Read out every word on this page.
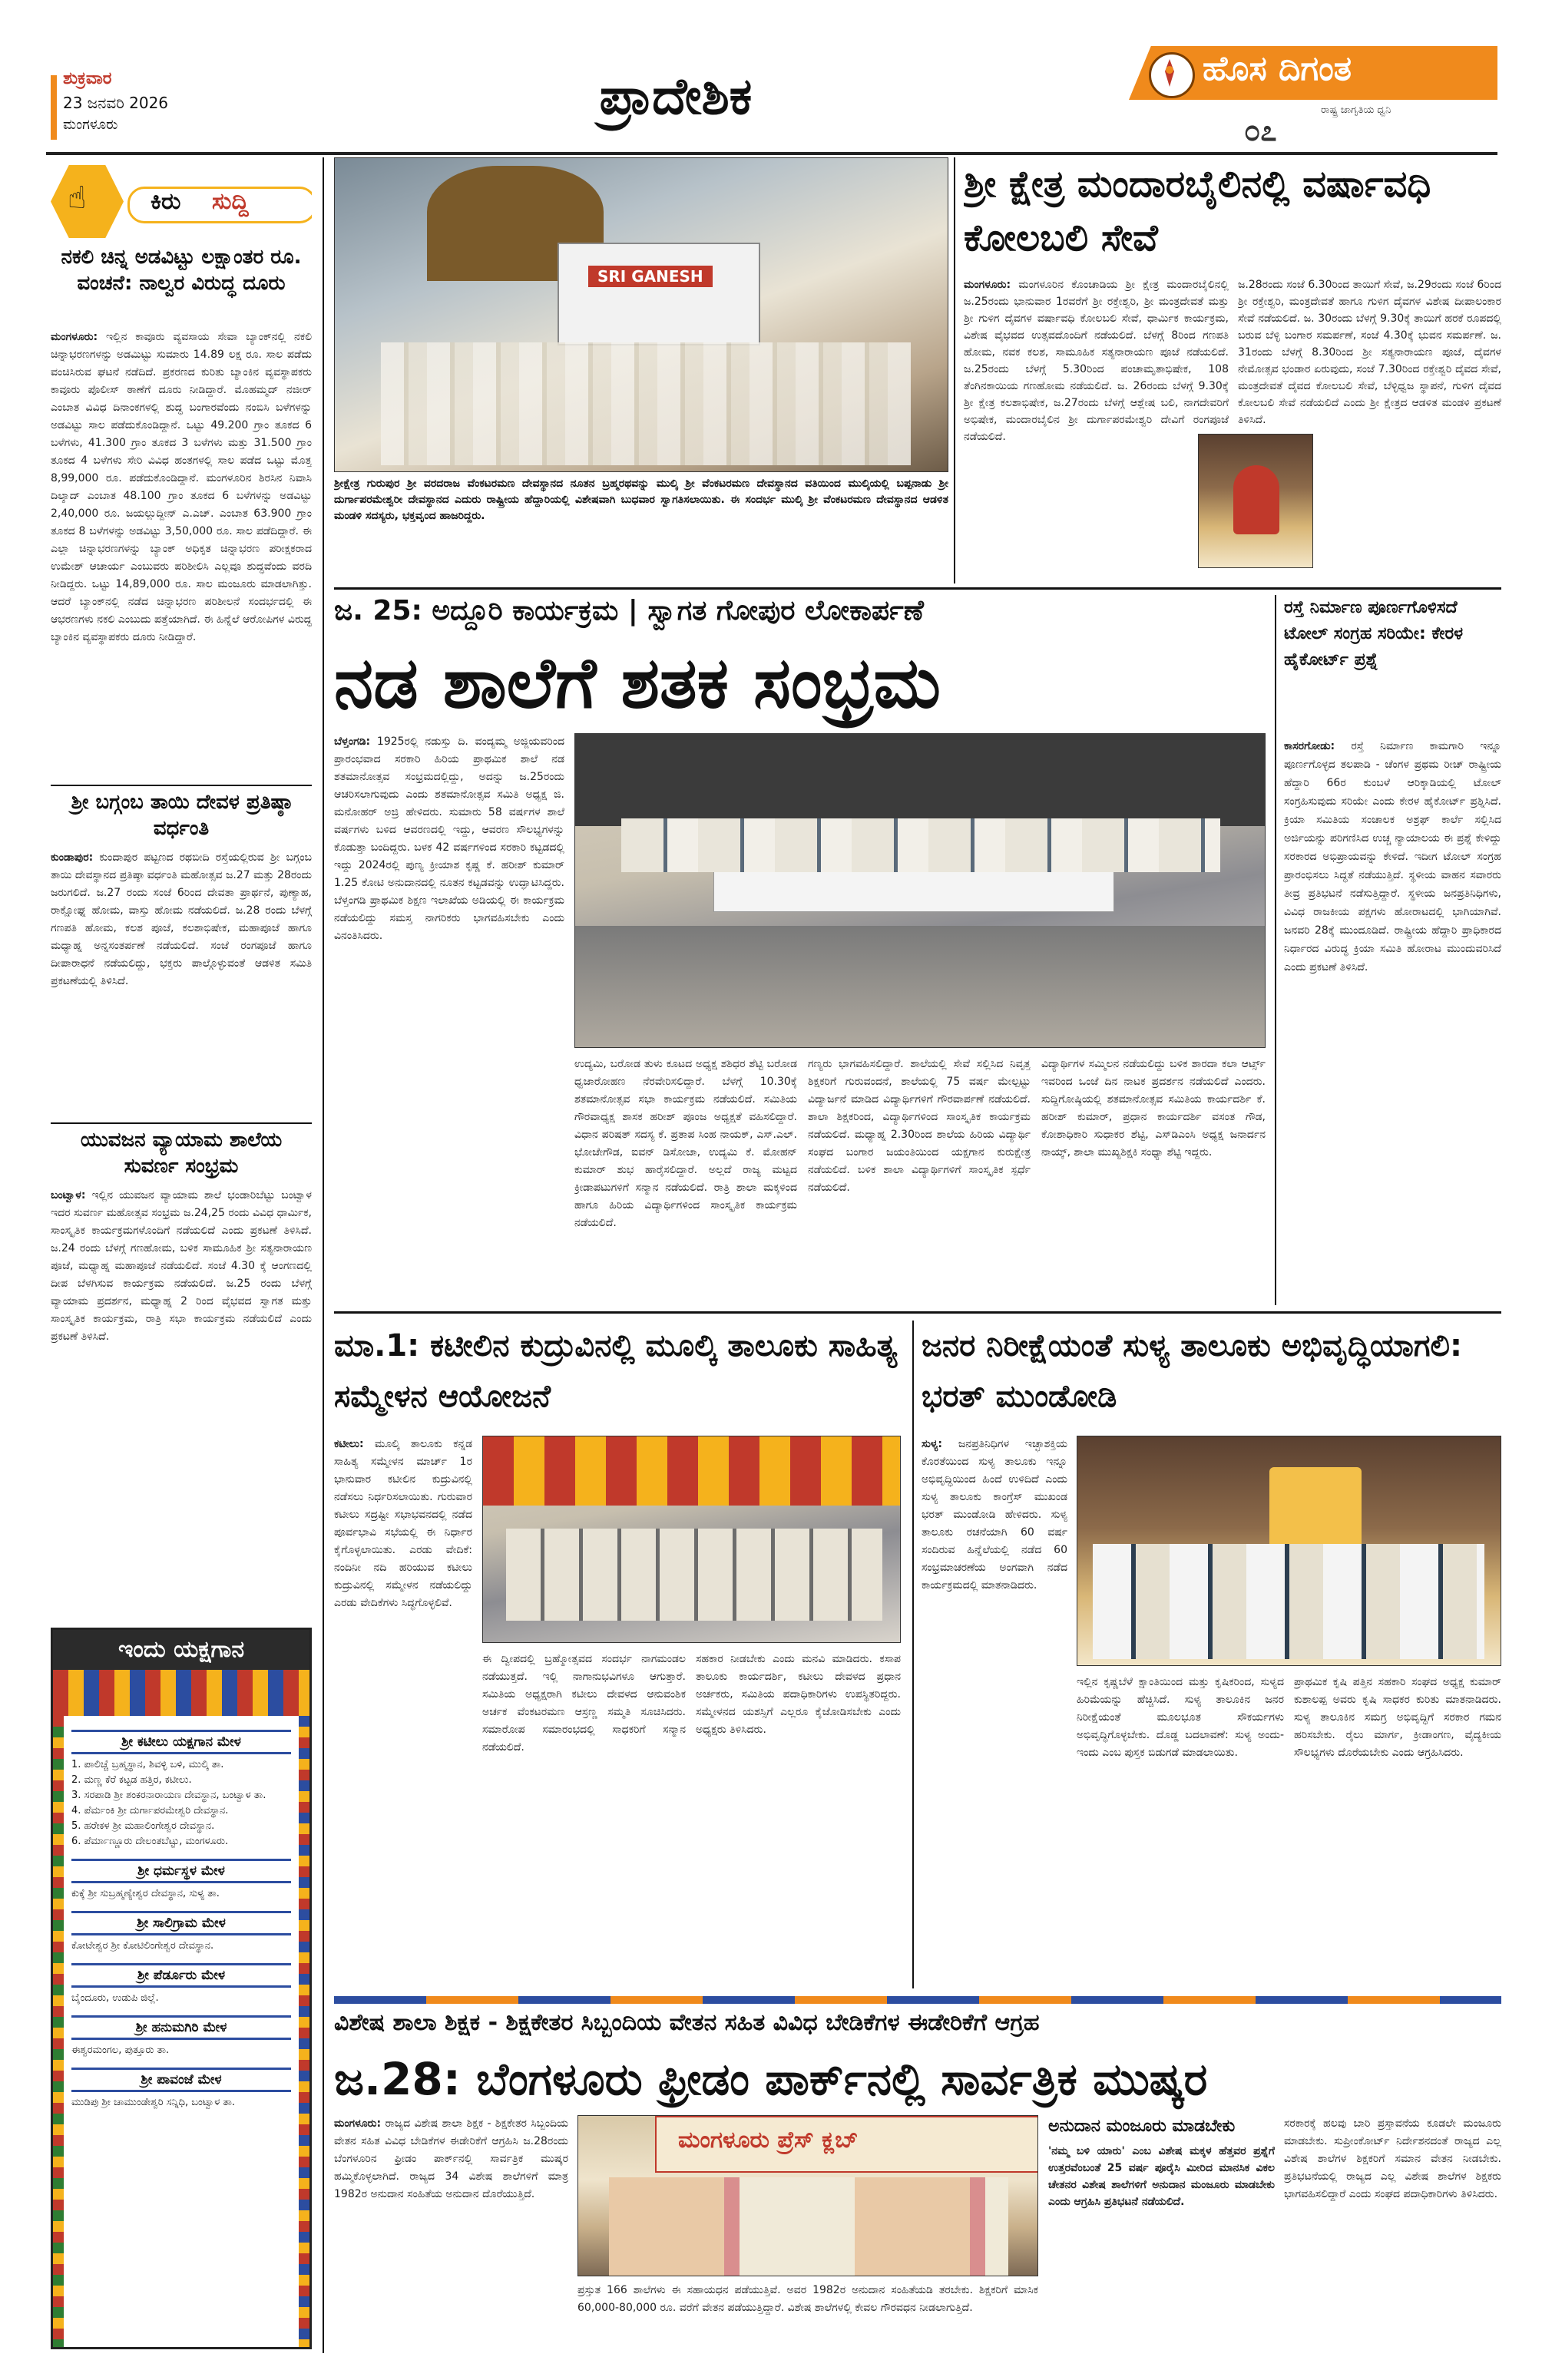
ಶುಕ್ರವಾರ
23 ಜನವರಿ 2026
ಮಂಗಳೂರು	ಪ್ರಾದೇಶಿಕ	ಹೊಸ ದಿಗಂತ
ರಾಷ್ಟ್ರ ಜಾಗೃತಿಯ ಧ್ವನಿ
೦೭
☝	ಕಿರು ಸುದ್ದಿ
ನಕಲಿ ಚಿನ್ನ ಅಡವಿಟ್ಟು ಲಕ್ಷಾಂತರ ರೂ. ವಂಚನೆ: ನಾಲ್ವರ ವಿರುದ್ಧ ದೂರು
ಮಂಗಳೂರು: ಇಲ್ಲಿನ ಕಾವೂರು ವ್ಯವಸಾಯ ಸೇವಾ ಬ್ಯಾಂಕ್‌ನಲ್ಲಿ ನಕಲಿ ಚಿನ್ನಾಭರಣಗಳನ್ನು ಅಡಮಿಟ್ಟು ಸುಮಾರು 14.89 ಲಕ್ಷ ರೂ. ಸಾಲ ಪಡೆದು ವಂಚಿಸಿರುವ ಘಟನೆ ನಡೆದಿದೆ. ಪ್ರಕರಣದ ಕುರಿತು ಬ್ಯಾಂಕಿನ ವ್ಯವಸ್ಥಾಪಕರು ಕಾವೂರು ಪೊಲೀಸ್ ಠಾಣೆಗೆ ದೂರು ನೀಡಿದ್ದಾರೆ. ಮೊಹಮ್ಮದ್ ನಜೀರ್ ಎಂಬಾತ ವಿವಿಧ ದಿನಾಂಕಗಳಲ್ಲಿ ಶುದ್ಧ ಬಂಗಾರವೆಂದು ನಂಬಿಸಿ ಬಳೆಗಳನ್ನು ಅಡವಿಟ್ಟು ಸಾಲ ಪಡೆದುಕೊಂಡಿದ್ದಾನೆ. ಒಟ್ಟು 49.200 ಗ್ರಾಂ ತೂಕದ 6 ಬಳೆಗಳು, 41.300 ಗ್ರಾಂ ತೂಕದ 3 ಬಳೆಗಳು ಮತ್ತು 31.500 ಗ್ರಾಂ ತೂಕದ 4 ಬಳೆಗಳು ಸೇರಿ ವಿವಿಧ ಹಂತಗಳಲ್ಲಿ ಸಾಲ ಪಡೆದ ಒಟ್ಟು ಮೊತ್ತ 8,99,000 ರೂ. ಪಡೆದುಕೊಂಡಿದ್ದಾನೆ. ಮಂಗಳೂರಿನ ಶಿರಸಿನ ನಿವಾಸಿ ದಿಲ್ಶಾದ್ ಎಂಬಾತ 48.100 ಗ್ರಾಂ ತೂಕದ 6 ಬಳೆಗಳನ್ನು ಅಡವಿಟ್ಟು 2,40,000 ರೂ. ಜಯಲ್ಲುದ್ದೀನ್ ಎ.ಎಚ್. ಎಂಬಾತ 63.900 ಗ್ರಾಂ ತೂಕದ 8 ಬಳೆಗಳನ್ನು ಅಡವಿಟ್ಟು 3,50,000 ರೂ. ಸಾಲ ಪಡೆದಿದ್ದಾರೆ. ಈ ಎಲ್ಲಾ ಚಿನ್ನಾಭರಣಗಳನ್ನು ಬ್ಯಾಂಕ್ ಅಧಿಕೃತ ಚಿನ್ನಾಭರಣ ಪರೀಕ್ಷಕರಾದ ಉಮೇಶ್ ಆಚಾರ್ಯ ಎಂಬುವರು ಪರಿಶೀಲಿಸಿ ಎಲ್ಲವೂ ಶುದ್ಧವೆಂದು ವರದಿ ನೀಡಿದ್ದರು. ಒಟ್ಟು 14,89,000 ರೂ. ಸಾಲ ಮಂಜೂರು ಮಾಡಲಾಗಿತ್ತು. ಆದರೆ ಬ್ಯಾಂಕ್‌ನಲ್ಲಿ ನಡೆದ ಚಿನ್ನಾಭರಣ ಪರಿಶೀಲನೆ ಸಂದರ್ಭದಲ್ಲಿ ಈ ಆಭರಣಗಳು ನಕಲಿ ಎಂಬುದು ಪತ್ತೆಯಾಗಿದೆ. ಈ ಹಿನ್ನೆಲೆ ಆರೋಪಿಗಳ ವಿರುದ್ಧ ಬ್ಯಾಂಕಿನ ವ್ಯವಸ್ಥಾಪಕರು ದೂರು ನೀಡಿದ್ದಾರೆ.
ಶ್ರೀ ಬಗ್ಗಂಬ ತಾಯಿ ದೇವಳ ಪ್ರತಿಷ್ಠಾ ವರ್ಧಂತಿ
ಕುಂಡಾಪುರ: ಕುಂದಾಪುರ ಪಟ್ಟಣದ ರಥಬೀದಿ ರಸ್ತೆಯಲ್ಲಿರುವ ಶ್ರೀ ಬಗ್ಗಂಬ ತಾಯಿ ದೇವಸ್ಥಾನದ ಪ್ರತಿಷ್ಠಾ ವರ್ಧಂತಿ ಮಹೋತ್ಸವ ಜ.27 ಮತ್ತು 28ರಂದು ಜರುಗಲಿದೆ. ಜ.27 ರಂದು ಸಂಜೆ 6ರಿಂದ ದೇವತಾ ಪ್ರಾರ್ಥನೆ, ಪುಣ್ಯಾಹ, ರಾಕ್ಷೋಘ್ನ ಹೋಮ, ವಾಸ್ತು ಹೋಮ ನಡೆಯಲಿದೆ. ಜ.28 ರಂದು ಬೆಳಗ್ಗೆ ಗಣಪತಿ ಹೋಮ, ಕಲಶ ಪೂಜೆ, ಕಲಶಾಭಿಷೇಕ, ಮಹಾಪೂಜೆ ಹಾಗೂ ಮಧ್ಯಾಹ್ನ ಅನ್ನಸಂತರ್ಪಣೆ ನಡೆಯಲಿದೆ. ಸಂಜೆ ರಂಗಪೂಜೆ ಹಾಗೂ ದೀಪಾರಾಧನೆ ನಡೆಯಲಿದ್ದು, ಭಕ್ತರು ಪಾಲ್ಗೊಳ್ಳುವಂತೆ ಆಡಳಿತ ಸಮಿತಿ ಪ್ರಕಟಣೆಯಲ್ಲಿ ತಿಳಿಸಿದೆ.
ಯುವಜನ ವ್ಯಾಯಾಮ ಶಾಲೆಯ ಸುವರ್ಣ ಸಂಭ್ರಮ
ಬಂಟ್ವಾಳ: ಇಲ್ಲಿನ ಯುವಜನ ವ್ಯಾಯಾಮ ಶಾಲೆ ಭಂಡಾರಿಬೆಟ್ಟು ಬಂಟ್ವಾಳ ಇದರ ಸುವರ್ಣ ಮಹೋತ್ಸವ ಸಂಭ್ರಮ ಜ.24,25 ರಂದು ವಿವಿಧ ಧಾರ್ಮಿಕ, ಸಾಂಸ್ಕೃತಿಕ ಕಾರ್ಯಕ್ರಮಗಳೊಂದಿಗೆ ನಡೆಯಲಿದೆ ಎಂದು ಪ್ರಕಟಣೆ ತಿಳಿಸಿದೆ. ಜ.24 ರಂದು ಬೆಳಗ್ಗೆ ಗಣಹೋಮ, ಬಳಿಕ ಸಾಮೂಹಿಕ ಶ್ರೀ ಸತ್ಯನಾರಾಯಣ ಪೂಜೆ, ಮಧ್ಯಾಹ್ನ ಮಹಾಪೂಜೆ ನಡೆಯಲಿದೆ. ಸಂಜೆ 4.30 ಕ್ಕೆ ಆಂಗಣದಲ್ಲಿ ದೀಪ ಬೆಳಗಿಸುವ ಕಾರ್ಯಕ್ರಮ ನಡೆಯಲಿದೆ. ಜ.25 ರಂದು ಬೆಳಗ್ಗೆ ವ್ಯಾಯಾಮ ಪ್ರದರ್ಶನ, ಮಧ್ಯಾಹ್ನ 2 ರಿಂದ ವೈಭವದ ಸ್ವಾಗತ ಮತ್ತು ಸಾಂಸ್ಕೃತಿಕ ಕಾರ್ಯಕ್ರಮ, ರಾತ್ರಿ ಸಭಾ ಕಾರ್ಯಕ್ರಮ ನಡೆಯಲಿದೆ ಎಂದು ಪ್ರಕಟಣೆ ತಿಳಿಸಿದೆ.
ಇಂದು ಯಕ್ಷಗಾನ
ಶ್ರೀ ಕಟೀಲು ಯಕ್ಷಗಾನ ಮೇಳ
1. ಪಾಲಿಚ್ಚೆ ಬ್ರಹ್ಮಸ್ಥಾನ, ಶಿವಳ್ಳಿ ಬಳಿ, ಮುಲ್ಕಿ ತಾ.
2. ಮಣ್ಣ ಕೆರೆ ಕಟ್ಟಡ ಹತ್ತಿರ, ಕಟೀಲು.
3. ಸರಪಾಡಿ ಶ್ರೀ ಶಂಕರನಾರಾಯಣ ದೇವಸ್ಥಾನ, ಬಂಟ್ವಾಳ ತಾ.
4. ಪೆರ್ಮಂಕಿ ಶ್ರೀ ದುರ್ಗಾಪರಮೇಶ್ವರಿ ದೇವಸ್ಥಾನ.
5. ಹರೇಕಳ ಶ್ರೀ ಮಹಾಲಿಂಗೇಶ್ವರ ದೇವಸ್ಥಾನ.
6. ಪೆರ್ಮಾಣ್ಣೂರು ದೇಲಂತಬೆಟ್ಟು, ಮಂಗಳೂರು.
ಶ್ರೀ ಧರ್ಮಸ್ಥಳ ಮೇಳ
ಕುಕ್ಕೆ ಶ್ರೀ ಸುಬ್ರಹ್ಮಣ್ಯೇಶ್ವರ ದೇವಸ್ಥಾನ, ಸುಳ್ಯ ತಾ.
ಶ್ರೀ ಸಾಲಿಗ್ರಾಮ ಮೇಳ
ಕೋಟೇಶ್ವರ ಶ್ರೀ ಕೋಟಿಲಿಂಗೇಶ್ವರ ದೇವಸ್ಥಾನ.
ಶ್ರೀ ಪೆರ್ಡೂರು ಮೇಳ
ಬೈಂದೂರು, ಉಡುಪಿ ಜಿಲ್ಲೆ.
ಶ್ರೀ ಹನುಮಗಿರಿ ಮೇಳ
ಈಶ್ವರಮಂಗಲ, ಪುತ್ತೂರು ತಾ.
ಶ್ರೀ ಪಾವಂಜೆ ಮೇಳ
ಮುಡಿಪು ಶ್ರೀ ಚಾಮುಂಡೇಶ್ವರಿ ಸನ್ನಿಧಿ, ಬಂಟ್ವಾಳ ತಾ.
SRI GANESH
ಶ್ರೀಕ್ಷೇತ್ರ ಗುರುಪುರ ಶ್ರೀ ವರದರಾಜ ವೆಂಕಟರಮಣ ದೇವಸ್ಥಾನದ ನೂತನ ಬ್ರಹ್ಮರಥವನ್ನು ಮುಲ್ಕಿ ಶ್ರೀ ವೆಂಕಟರಮಣ ದೇವಸ್ಥಾನದ ವತಿಯಿಂದ ಮುಲ್ಕಿಯಲ್ಲಿ ಬಪ್ಪನಾಡು ಶ್ರೀ ದುರ್ಗಾಪರಮೇಶ್ವರೀ ದೇವಸ್ಥಾನದ ಎದುರು ರಾಷ್ಟ್ರೀಯ ಹೆದ್ದಾರಿಯಲ್ಲಿ ವಿಶೇಷವಾಗಿ ಬುಧವಾರ ಸ್ವಾಗತಿಸಲಾಯಿತು. ಈ ಸಂದರ್ಭ ಮುಲ್ಕಿ ಶ್ರೀ ವೆಂಕಟರಮಣ ದೇವಸ್ಥಾನದ ಆಡಳಿತ ಮಂಡಳಿ ಸದಸ್ಯರು, ಭಕ್ತವೃಂದ ಹಾಜರಿದ್ದರು.
ಶ್ರೀ ಕ್ಷೇತ್ರ ಮಂದಾರಬೈಲಿನಲ್ಲಿ ವರ್ಷಾವಧಿ ಕೋಲಬಲಿ ಸೇವೆ
ಮಂಗಳೂರು: ಮಂಗಳೂರಿನ ಕೊಂಚಾಡಿಯ ಶ್ರೀ ಕ್ಷೇತ್ರ ಮಂದಾರಬೈಲಿನಲ್ಲಿ ಜ.25ರಂದು ಭಾನುವಾರ 1ರವರೆಗೆ ಶ್ರೀ ರಕ್ತೇಶ್ವರಿ, ಶ್ರೀ ಮಂತ್ರದೇವತೆ ಮತ್ತು ಶ್ರೀ ಗುಳಿಗ ದೈವಗಳ ವರ್ಷಾವಧಿ ಕೋಲಬಲಿ ಸೇವೆ, ಧಾರ್ಮಿಕ ಕಾರ್ಯಕ್ರಮ, ವಿಶೇಷ ವೈಭವದ ಉತ್ಸವದೊಂದಿಗೆ ನಡೆಯಲಿದೆ. ಬೆಳಗ್ಗೆ 8ರಿಂದ ಗಣಪತಿ ಹೋಮ, ನವಕ ಕಲಶ, ಸಾಮೂಹಿಕ ಸತ್ಯನಾರಾಯಣ ಪೂಜೆ ನಡೆಯಲಿದೆ. ಜ.25ರಂದು ಬೆಳಗ್ಗೆ 5.30ರಿಂದ ಪಂಚಾಮೃತಾಭಿಷೇಕ, 108 ತೆಂಗಿನಕಾಯಿಯ ಗಣಹೋಮ ನಡೆಯಲಿದೆ. ಜ. 26ರಂದು ಬೆಳಗ್ಗೆ 9.30ಕ್ಕೆ ಶ್ರೀ ಕ್ಷೇತ್ರ ಕಲಶಾಭಿಷೇಕ, ಜ.27ರಂದು ಬೆಳಗ್ಗೆ ಆಶ್ಲೇಷ ಬಲಿ, ನಾಗದೇವರಿಗೆ ಅಭಿಷೇಕ, ಮಂದಾರಬೈಲಿನ ಶ್ರೀ ದುರ್ಗಾಪರಮೇಶ್ವರಿ ದೇವಿಗೆ ರಂಗಪೂಜೆ ನಡೆಯಲಿದೆ.
ಜ.28ರಂದು ಸಂಜೆ 6.30ರಿಂದ ತಾಯಿಗೆ ಸೇವೆ, ಜ.29ರಂದು ಸಂಜೆ 6ರಿಂದ ಶ್ರೀ ರಕ್ತೇಶ್ವರಿ, ಮಂತ್ರದೇವತೆ ಹಾಗೂ ಗುಳಿಗ ದೈವಗಳ ವಿಶೇಷ ದೀಪಾಲಂಕಾರ ಸೇವೆ ನಡೆಯಲಿದೆ. ಜ. 30ರಂದು ಬೆಳಗ್ಗೆ 9.30ಕ್ಕೆ ತಾಯಿಗೆ ಹರಕೆ ರೂಪದಲ್ಲಿ ಬರುವ ಬೆಳ್ಳಿ ಬಂಗಾರ ಸಮರ್ಪಣೆ, ಸಂಜೆ 4.30ಕ್ಕೆ ಭುವನ ಸಮರ್ಪಣೆ. ಜ. 31ರಂದು ಬೆಳಗ್ಗೆ 8.30ರಿಂದ ಶ್ರೀ ಸತ್ಯನಾರಾಯಣ ಪೂಜೆ, ದೈವಗಳ ನೇಮೋತ್ಸವ ಭಂಡಾರ ಏರುವುದು, ಸಂಜೆ 7.30ರಿಂದ ರಕ್ತೇಶ್ವರಿ ದೈವದ ಸೇವೆ, ಮಂತ್ರದೇವತೆ ದೈವದ ಕೋಲಬಲಿ ಸೇವೆ, ಬೆಳ್ಳಿಧ್ವಜ ಸ್ಥಾಪನೆ, ಗುಳಿಗ ದೈವದ ಕೋಲಬಲಿ ಸೇವೆ ನಡೆಯಲಿದೆ ಎಂದು ಶ್ರೀ ಕ್ಷೇತ್ರದ ಆಡಳಿತ ಮಂಡಳಿ ಪ್ರಕಟಣೆ ತಿಳಿಸಿದೆ.
ಜ. 25: ಅದ್ದೂರಿ ಕಾರ್ಯಕ್ರಮ | ಸ್ವಾಗತ ಗೋಪುರ ಲೋಕಾರ್ಪಣೆ
ನಡ ಶಾಲೆಗೆ ಶತಕ ಸಂಭ್ರಮ
ಬೆಳ್ತಂಗಡಿ: 1925ರಲ್ಲಿ ನಡುಸ್ತು ದಿ. ವಂದ್ಯಮ್ಮ ಅಜ್ಜಿಯವರಿಂದ ಪ್ರಾರಂಭವಾದ ಸರಕಾರಿ ಹಿರಿಯ ಪ್ರಾಥಮಿಕ ಶಾಲೆ ನಡ ಶತಮಾನೋತ್ಸವ ಸಂಭ್ರಮದಲ್ಲಿದ್ದು, ಅದನ್ನು ಜ.25ರಂದು ಆಚರಿಸಲಾಗುವುದು ಎಂದು ಶತಮಾನೋತ್ಸವ ಸಮಿತಿ ಅಧ್ಯಕ್ಷ ಜಿ. ಮನೋಹರ್ ಅಜ್ರಿ ಹೇಳಿದರು. ಸುಮಾರು 58 ವರ್ಷಗಳ ಶಾಲೆ ವರ್ಷಗಳು ಬಳಿದ ಆವರಣದಲ್ಲಿ ಇದ್ದು, ಆವರಣ ಸೌಲಭ್ಯಗಳನ್ನು ಕೊಡುತ್ತಾ ಬಂದಿದ್ದರು. ಬಳಕ 42 ವರ್ಷಗಳಿಂದ ಸರಕಾರಿ ಕಟ್ಟಡದಲ್ಲಿ ಇದ್ದು 2024ರಲ್ಲಿ ಪುಣ್ಯ ಕ್ರೀಯಾಶ ಕೃಷ್ಣ ಕೆ. ಹರೀಶ್ ಕುಮಾರ್ 1.25 ಕೋಟಿ ಅನುದಾನದಲ್ಲಿ ನೂತನ ಕಟ್ಟಡವನ್ನು ಉದ್ಘಾಟಿಸಿದ್ದರು. ಬೆಳ್ತಂಗಡಿ ಪ್ರಾಥಮಿಕ ಶಿಕ್ಷಣ ಇಲಾಖೆಯ ಅಡಿಯಲ್ಲಿ ಈ ಕಾರ್ಯಕ್ರಮ ನಡೆಯಲಿದ್ದು ಸಮಸ್ತ ನಾಗರಿಕರು ಭಾಗವಹಿಸಬೇಕು ಎಂದು ವಿನಂತಿಸಿದರು.
ಉದ್ಯಮಿ, ಬರೋಡ ತುಳು ಕೂಟದ ಅಧ್ಯಕ್ಷ ಶಶಿಧರ ಶೆಟ್ಟಿ ಬರೋಡ ಧ್ವಜಾರೋಹಣ ನೆರವೇರಿಸಲಿದ್ದಾರೆ. ಬೆಳಗ್ಗೆ 10.30ಕ್ಕೆ ಶತಮಾನೋತ್ಸವ ಸಭಾ ಕಾರ್ಯಕ್ರಮ ನಡೆಯಲಿದೆ. ಸಮಿತಿಯ ಗೌರವಾಧ್ಯಕ್ಷ ಶಾಸಕ ಹರೀಶ್ ಪೂಂಜ ಅಧ್ಯಕ್ಷತೆ ವಹಿಸಲಿದ್ದಾರೆ. ವಿಧಾನ ಪರಿಷತ್ ಸದಸ್ಯ ಕೆ. ಪ್ರತಾಪ ಸಿಂಹ ನಾಯಕ್, ಎಸ್.ಎಲ್. ಭೋಜೇಗೌಡ, ಐವನ್ ಡಿಸೋಜಾ, ಉದ್ಯಮಿ ಕೆ. ಮೋಹನ್ ಕುಮಾರ್ ಶುಭ ಹಾರೈಸಲಿದ್ದಾರೆ. ಅಲ್ಲದೆ ರಾಜ್ಯ ಮಟ್ಟದ ಕ್ರೀಡಾಪಟುಗಳಿಗೆ ಸನ್ಮಾನ ನಡೆಯಲಿದೆ. ರಾತ್ರಿ ಶಾಲಾ ಮಕ್ಕಳಿಂದ ಹಾಗೂ ಹಿರಿಯ ವಿದ್ಯಾರ್ಥಿಗಳಿಂದ ಸಾಂಸ್ಕೃತಿಕ ಕಾರ್ಯಕ್ರಮ ನಡೆಯಲಿದೆ.
ಗಣ್ಯರು ಭಾಗವಹಿಸಲಿದ್ದಾರೆ. ಶಾಲೆಯಲ್ಲಿ ಸೇವೆ ಸಲ್ಲಿಸಿದ ನಿವೃತ್ತ ಶಿಕ್ಷಕರಿಗೆ ಗುರುವಂದನೆ, ಶಾಲೆಯಲ್ಲಿ 75 ವರ್ಷ ಮೇಲ್ಪಟ್ಟು ವಿದ್ಯಾರ್ಜನೆ ಮಾಡಿದ ವಿದ್ಯಾರ್ಥಿಗಳಿಗೆ ಗೌರವಾರ್ಪಣೆ ನಡೆಯಲಿದೆ. ಶಾಲಾ ಶಿಕ್ಷಕರಿಂದ, ವಿದ್ಯಾರ್ಥಿಗಳಿಂದ ಸಾಂಸ್ಕೃತಿಕ ಕಾರ್ಯಕ್ರಮ ನಡೆಯಲಿದೆ. ಮಧ್ಯಾಹ್ನ 2.30ರಿಂದ ಶಾಲೆಯ ಹಿರಿಯ ವಿದ್ಯಾರ್ಥಿ ಸಂಘದ ಬಂಗಾರ ಜಯಂತಿಯಿಂದ ಯಕ್ಷಗಾನ ಕುರುಕ್ಷೇತ್ರ ನಡೆಯಲಿದೆ. ಬಳಿಕ ಶಾಲಾ ವಿದ್ಯಾರ್ಥಿಗಳಿಗೆ ಸಾಂಸ್ಕೃತಿಕ ಸ್ಪರ್ಧೆ ನಡೆಯಲಿದೆ.
ವಿದ್ಯಾರ್ಥಿಗಳ ಸಮ್ಮಿಲನ ನಡೆಯಲಿದ್ದು ಬಳಿಕ ಶಾರದಾ ಕಲಾ ಆರ್ಟ್ಸ್ ಇವರಿಂದ ಒಂಜೆ ದಿನ ನಾಟಕ ಪ್ರದರ್ಶನ ನಡೆಯಲಿದೆ ಎಂದರು. ಸುದ್ದಿಗೋಷ್ಠಿಯಲ್ಲಿ ಶತಮಾನೋತ್ಸವ ಸಮಿತಿಯ ಕಾರ್ಯದರ್ಶಿ ಕೆ. ಹರೀಶ್ ಕುಮಾರ್, ಪ್ರಧಾನ ಕಾರ್ಯದರ್ಶಿ ವಸಂತ ಗೌಡ, ಕೋಶಾಧಿಕಾರಿ ಸುಧಾಕರ ಶೆಟ್ಟಿ, ಎಸ್‌ಡಿಎಂಸಿ ಅಧ್ಯಕ್ಷ ಜನಾರ್ದನ ನಾಯ್ಕ್, ಶಾಲಾ ಮುಖ್ಯಶಿಕ್ಷಕಿ ಸಂಧ್ಯಾ ಶೆಟ್ಟಿ ಇದ್ದರು.
ರಸ್ತೆ ನಿರ್ಮಾಣ ಪೂರ್ಣಗೊಳಿಸದೆ ಟೋಲ್ ಸಂಗ್ರಹ ಸರಿಯೇ: ಕೇರಳ ಹೈಕೋರ್ಟ್ ಪ್ರಶ್ನೆ
ಕಾಸರಗೋಡು: ರಸ್ತೆ ನಿರ್ಮಾಣ ಕಾಮಗಾರಿ ಇನ್ನೂ ಪೂರ್ಣಗೊಳ್ಳದ ತಲಪಾಡಿ - ಚೆಂಗಳ ಪ್ರಥಮ ರೀಚ್ ರಾಷ್ಟ್ರೀಯ ಹೆದ್ದಾರಿ 66ರ ಕುಂಬಳೆ ಆರಿಕ್ಕಾಡಿಯಲ್ಲಿ ಟೋಲ್ ಸಂಗ್ರಹಿಸುವುದು ಸರಿಯೇ ಎಂದು ಕೇರಳ ಹೈಕೋರ್ಟ್ ಪ್ರಶ್ನಿಸಿದೆ. ಕ್ರಿಯಾ ಸಮಿತಿಯ ಸಂಚಾಲಕ ಅಶ್ರಫ್ ಕಾರ್ಲೆ ಸಲ್ಲಿಸಿದ ಅರ್ಜಿಯನ್ನು ಪರಿಗಣಿಸಿದ ಉಚ್ಚ ನ್ಯಾಯಾಲಯ ಈ ಪ್ರಶ್ನೆ ಕೇಳಿದ್ದು ಸರಕಾರದ ಅಭಿಪ್ರಾಯವನ್ನು ಕೇಳಿದೆ. ಇದೀಗ ಟೋಲ್ ಸಂಗ್ರಹ ಪ್ರಾರಂಭಿಸಲು ಸಿದ್ಧತೆ ನಡೆಯುತ್ತಿದೆ. ಸ್ಥಳೀಯ ವಾಹನ ಸವಾರರು ತೀವ್ರ ಪ್ರತಿಭಟನೆ ನಡೆಸುತ್ತಿದ್ದಾರೆ. ಸ್ಥಳೀಯ ಜನಪ್ರತಿನಿಧಿಗಳು, ವಿವಿಧ ರಾಜಕೀಯ ಪಕ್ಷಗಳು ಹೋರಾಟದಲ್ಲಿ ಭಾಗಿಯಾಗಿವೆ. ಜನವರಿ 28ಕ್ಕೆ ಮುಂದೂಡಿದೆ. ರಾಷ್ಟ್ರೀಯ ಹೆದ್ದಾರಿ ಪ್ರಾಧಿಕಾರದ ನಿರ್ಧಾರದ ವಿರುದ್ಧ ಕ್ರಿಯಾ ಸಮಿತಿ ಹೋರಾಟ ಮುಂದುವರಿಸಿದೆ ಎಂದು ಪ್ರಕಟಣೆ ತಿಳಿಸಿದೆ.
ಮಾ.1: ಕಟೀಲಿನ ಕುದ್ರುವಿನಲ್ಲಿ ಮೂಲ್ಕಿ ತಾಲೂಕು ಸಾಹಿತ್ಯ ಸಮ್ಮೇಳನ ಆಯೋಜನೆ
ಕಟೀಲು: ಮೂಲ್ಕಿ ತಾಲೂಕು ಕನ್ನಡ ಸಾಹಿತ್ಯ ಸಮ್ಮೇಳನ ಮಾರ್ಚ್ 1ರ ಭಾನುವಾರ ಕಟೀಲಿನ ಕುದ್ರುವಿನಲ್ಲಿ ನಡೆಸಲು ನಿರ್ಧರಿಸಲಾಯಿತು. ಗುರುವಾರ ಕಟೀಲು ಸದ್ರಷ್ಟೀ ಸಭಾಭವನದಲ್ಲಿ ನಡೆದ ಪೂರ್ವಭಾವಿ ಸಭೆಯಲ್ಲಿ ಈ ನಿರ್ಧಾರ ಕೈಗೊಳ್ಳಲಾಯಿತು. ಎರಡು ವೇದಿಕೆ: ನಂದಿನೀ ನದಿ ಹರಿಯುವ ಕಟೀಲು ಕುದ್ರುವಿನಲ್ಲಿ ಸಮ್ಮೇಳನ ನಡೆಯಲಿದ್ದು ಎರಡು ವೇದಿಕೆಗಳು ಸಿದ್ಧಗೊಳ್ಳಲಿವೆ.
ಈ ದ್ವೀಪದಲ್ಲಿ ಬ್ರಹ್ಮೋತ್ಸವದ ಸಂದರ್ಭ ನಾಗಮಂಡಲ ನಡೆಯುತ್ತದೆ. ಇಲ್ಲಿ ನಾಗಾನುಭವಿಗಳೂ ಆಗುತ್ತಾರೆ. ಸಮಿತಿಯ ಅಧ್ಯಕ್ಷರಾಗಿ ಕಟೀಲು ದೇವಳದ ಆನುವಂಶಿಕ ಅರ್ಚಕ ವೆಂಕಟರಮಣ ಆಸ್ರಣ್ಣ ಸಮ್ಮತಿ ಸೂಚಿಸಿದರು. ಸಮಾರೋಪ ಸಮಾರಂಭದಲ್ಲಿ ಸಾಧಕರಿಗೆ ಸನ್ಮಾನ ನಡೆಯಲಿದೆ.
ಸಹಕಾರ ನೀಡಬೇಕು ಎಂದು ಮನವಿ ಮಾಡಿದರು. ಕಸಾಪ ತಾಲೂಕು ಕಾರ್ಯದರ್ಶಿ, ಕಟೀಲು ದೇವಳದ ಪ್ರಧಾನ ಅರ್ಚಕರು, ಸಮಿತಿಯ ಪದಾಧಿಕಾರಿಗಳು ಉಪಸ್ಥಿತರಿದ್ದರು. ಸಮ್ಮೇಳನದ ಯಶಸ್ಸಿಗೆ ಎಲ್ಲರೂ ಕೈಜೋಡಿಸಬೇಕು ಎಂದು ಅಧ್ಯಕ್ಷರು ತಿಳಿಸಿದರು.
ಜನರ ನಿರೀಕ್ಷೆಯಂತೆ ಸುಳ್ಯ ತಾಲೂಕು ಅಭಿವೃದ್ಧಿಯಾಗಲಿ: ಭರತ್ ಮುಂಡೋಡಿ
ಸುಳ್ಯ: ಜನಪ್ರತಿನಿಧಿಗಳ ಇಚ್ಛಾಶಕ್ತಿಯ ಕೊರತೆಯಿಂದ ಸುಳ್ಯ ತಾಲೂಕು ಇನ್ನೂ ಅಭಿವೃದ್ಧಿಯಿಂದ ಹಿಂದೆ ಉಳಿದಿದೆ ಎಂದು ಸುಳ್ಯ ತಾಲೂಕು ಕಾಂಗ್ರೆಸ್ ಮುಖಂಡ ಭರತ್ ಮುಂಡೋಡಿ ಹೇಳಿದರು. ಸುಳ್ಯ ತಾಲೂಕು ರಚನೆಯಾಗಿ 60 ವರ್ಷ ಸಂದಿರುವ ಹಿನ್ನೆಲೆಯಲ್ಲಿ ನಡೆದ 60 ಸಂಭ್ರಮಾಚರಣೆಯ ಅಂಗವಾಗಿ ನಡೆದ ಕಾರ್ಯಕ್ರಮದಲ್ಲಿ ಮಾತನಾಡಿದರು.
ಇಲ್ಲಿನ ಕೃಷ್ಣಬೆಳೆ ಕ್ಷಾಂತಿಯಿಂದ ಮತ್ತು ಕೃಷಿಕರಿಂದ, ಸುಳ್ಯದ ಹಿರಿಮೆಯನ್ನು ಹೆಚ್ಚಿಸಿದೆ. ಸುಳ್ಯ ತಾಲೂಕಿನ ಜನರ ನಿರೀಕ್ಷೆಯಂತೆ ಮೂಲಭೂತ ಸೌಕರ್ಯಗಳು ಅಭಿವೃದ್ಧಿಗೊಳ್ಳಬೇಕು. ದೊಡ್ಡ ಬದಲಾವಣೆ: ಸುಳ್ಯ ಅಂದು-ಇಂದು ಎಂಬ ಪುಸ್ತಕ ಬಿಡುಗಡೆ ಮಾಡಲಾಯಿತು.
ಪ್ರಾಥಮಿಕ ಕೃಷಿ ಪತ್ತಿನ ಸಹಕಾರಿ ಸಂಘದ ಅಧ್ಯಕ್ಷ ಕುಮಾರ್ ಕುಶಾಲಪ್ಪ ಅವರು ಕೃಷಿ ಸಾಧಕರ ಕುರಿತು ಮಾತನಾಡಿದರು. ಸುಳ್ಯ ತಾಲೂಕಿನ ಸಮಗ್ರ ಅಭಿವೃದ್ಧಿಗೆ ಸರಕಾರ ಗಮನ ಹರಿಸಬೇಕು. ರೈಲು ಮಾರ್ಗ, ಕ್ರೀಡಾಂಗಣ, ವೈದ್ಯಕೀಯ ಸೌಲಭ್ಯಗಳು ದೊರೆಯಬೇಕು ಎಂದು ಆಗ್ರಹಿಸಿದರು.
ವಿಶೇಷ ಶಾಲಾ ಶಿಕ್ಷಕ - ಶಿಕ್ಷಕೇತರ ಸಿಬ್ಬಂದಿಯ ವೇತನ ಸಹಿತ ವಿವಿಧ ಬೇಡಿಕೆಗಳ ಈಡೇರಿಕೆಗೆ ಆಗ್ರಹ
ಜ.28: ಬೆಂಗಳೂರು ಫ್ರೀಡಂ ಪಾರ್ಕ್‌ನಲ್ಲಿ ಸಾರ್ವತ್ರಿಕ ಮುಷ್ಕರ
ಮಂಗಳೂರು: ರಾಜ್ಯದ ವಿಶೇಷ ಶಾಲಾ ಶಿಕ್ಷಕ - ಶಿಕ್ಷಕೇತರ ಸಿಬ್ಬಂದಿಯ ವೇತನ ಸಹಿತ ವಿವಿಧ ಬೇಡಿಕೆಗಳ ಈಡೇರಿಕೆಗೆ ಆಗ್ರಹಿಸಿ ಜ.28ರಂದು ಬೆಂಗಳೂರಿನ ಫ್ರೀಡಂ ಪಾರ್ಕ್‌ನಲ್ಲಿ ಸಾರ್ವತ್ರಿಕ ಮುಷ್ಕರ ಹಮ್ಮಿಕೊಳ್ಳಲಾಗಿದೆ. ರಾಜ್ಯದ 34 ವಿಶೇಷ ಶಾಲೆಗಳಿಗೆ ಮಾತ್ರ 1982ರ ಅನುದಾನ ಸಂಹಿತೆಯ ಅನುದಾನ ದೊರೆಯುತ್ತಿದೆ.
ಮಂಗಳೂರು ಪ್ರೆಸ್ ಕ್ಲಬ್
ಪ್ರಸ್ತುತ 166 ಶಾಲೆಗಳು ಈ ಸಹಾಯಧನ ಪಡೆಯುತ್ತಿವೆ. ಅವರ 1982ರ ಅನುದಾನ ಸಂಹಿತೆಯಡಿ ತರಬೇಕು. ಶಿಕ್ಷಕರಿಗೆ ಮಾಸಿಕ 60,000-80,000 ರೂ. ವರೆಗೆ ವೇತನ ಪಡೆಯುತ್ತಿದ್ದಾರೆ. ವಿಶೇಷ ಶಾಲೆಗಳಲ್ಲಿ ಕೇವಲ ಗೌರವಧನ ನೀಡಲಾಗುತ್ತಿದೆ.
ಅನುದಾನ ಮಂಜೂರು ಮಾಡಬೇಕು
'ನಮ್ಮ ಬಳಿ ಯಾರು' ಎಂಬ ವಿಶೇಷ ಮಕ್ಕಳ ಹೆತ್ತವರ ಪ್ರಶ್ನೆಗೆ ಉತ್ತರವೆಂಬಂತೆ 25 ವರ್ಷ ಪೂರೈಸಿ ಮೀರಿದ ಮಾನಸಿಕ ವಿಕಲ ಚೇತನರ ವಿಶೇಷ ಶಾಲೆಗಳಿಗೆ ಅನುದಾನ ಮಂಜೂರು ಮಾಡಬೇಕು ಎಂದು ಆಗ್ರಹಿಸಿ ಪ್ರತಿಭಟನೆ ನಡೆಯಲಿದೆ.
ಸರಕಾರಕ್ಕೆ ಹಲವು ಬಾರಿ ಪ್ರಸ್ತಾವನೆಯ ಕೂಡಲೇ ಮಂಜೂರು ಮಾಡಬೇಕು. ಸುಪ್ರೀಂಕೋರ್ಟ್ ನಿರ್ದೇಶನದಂತೆ ರಾಜ್ಯದ ಎಲ್ಲ ವಿಶೇಷ ಶಾಲೆಗಳ ಶಿಕ್ಷಕರಿಗೆ ಸಮಾನ ವೇತನ ನೀಡಬೇಕು. ಪ್ರತಿಭಟನೆಯಲ್ಲಿ ರಾಜ್ಯದ ಎಲ್ಲ ವಿಶೇಷ ಶಾಲೆಗಳ ಶಿಕ್ಷಕರು ಭಾಗವಹಿಸಲಿದ್ದಾರೆ ಎಂದು ಸಂಘದ ಪದಾಧಿಕಾರಿಗಳು ತಿಳಿಸಿದರು.
